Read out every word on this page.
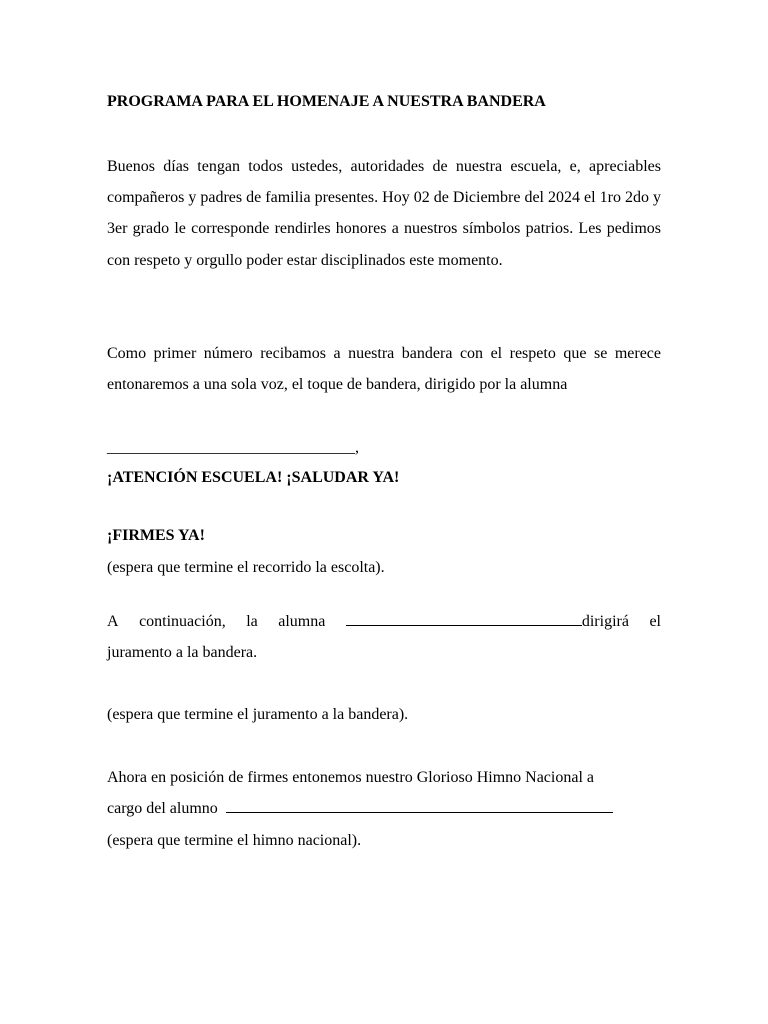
PROGRAMA PARA EL HOMENAJE A NUESTRA BANDERA

Buenos días tengan todos ustedes, autoridades de nuestra escuela, e, apreciables compañeros y padres de familia presentes. Hoy 02 de Diciembre del 2024 el 1ro 2do y 3er grado le corresponde rendirles honores a nuestros símbolos patrios. Les pedimos con respeto y orgullo poder estar disciplinados este momento.

Como primer número recibamos a nuestra bandera con el respeto que se merece entonaremos a una sola voz, el toque de bandera, dirigido por la alumna

_______________________________,
¡ATENCIÓN ESCUELA! ¡SALUDAR YA!
¡FIRMES YA!
(espera que termine el recorrido la escolta).
A continuación, la alumna	dirigirá el
juramento a la bandera.
(espera que termine el juramento a la bandera).
Ahora en posición de firmes entonemos nuestro Glorioso Himno Nacional a
cargo del alumno
(espera que termine el himno nacional).
